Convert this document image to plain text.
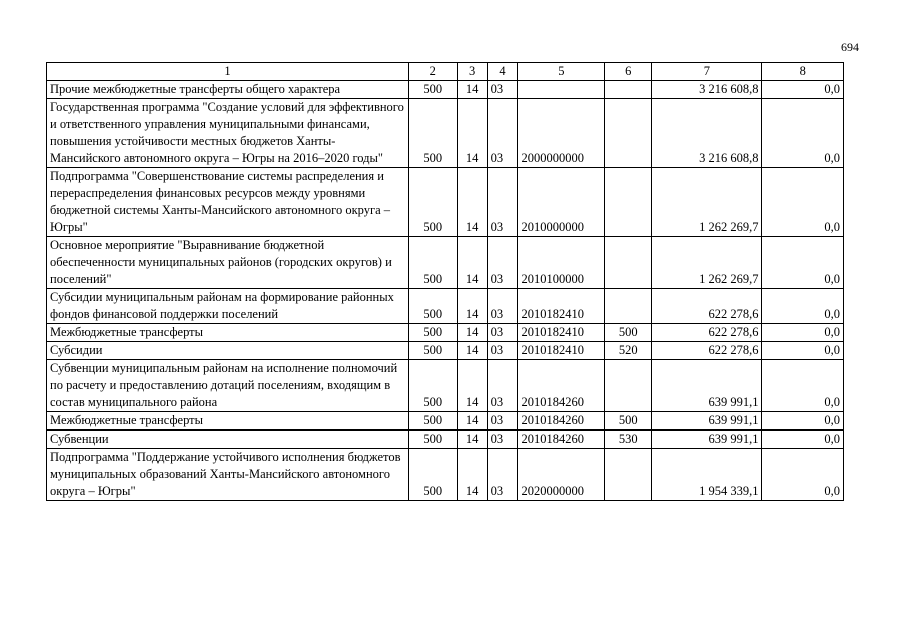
694
1	2	3	4	5	6	7	8
Прочие межбюджетные трансферты общего характера	500	14	03			3 216 608,8	0,0
Государственная программа "Создание условий для эффективного и ответственного управления муниципальными финансами, повышения устойчивости местных бюджетов Ханты-Мансийского автономного округа – Югры на 2016–2020 годы"	500	14	03	2000000000		3 216 608,8	0,0
Подпрограмма "Совершенствование системы распределения и перераспределения финансовых ресурсов между уровнями бюджетной системы Ханты-Мансийского автономного округа – Югры"	500	14	03	2010000000		1 262 269,7	0,0
Основное мероприятие "Выравнивание бюджетной обеспеченности муниципальных районов (городских округов) и поселений"	500	14	03	2010100000		1 262 269,7	0,0
Субсидии муниципальным районам на формирование районных фондов финансовой поддержки поселений	500	14	03	2010182410		622 278,6	0,0
Межбюджетные трансферты	500	14	03	2010182410	500	622 278,6	0,0
Субсидии	500	14	03	2010182410	520	622 278,6	0,0
Субвенции муниципальным районам на исполнение полномочий по расчету и предоставлению дотаций поселениям, входящим в состав муниципального района	500	14	03	2010184260		639 991,1	0,0
Межбюджетные трансферты	500	14	03	2010184260	500	639 991,1	0,0
Субвенции	500	14	03	2010184260	530	639 991,1	0,0
Подпрограмма "Поддержание устойчивого исполнения бюджетов муниципальных образований Ханты-Мансийского автономного округа – Югры"	500	14	03	2020000000		1 954 339,1	0,0
